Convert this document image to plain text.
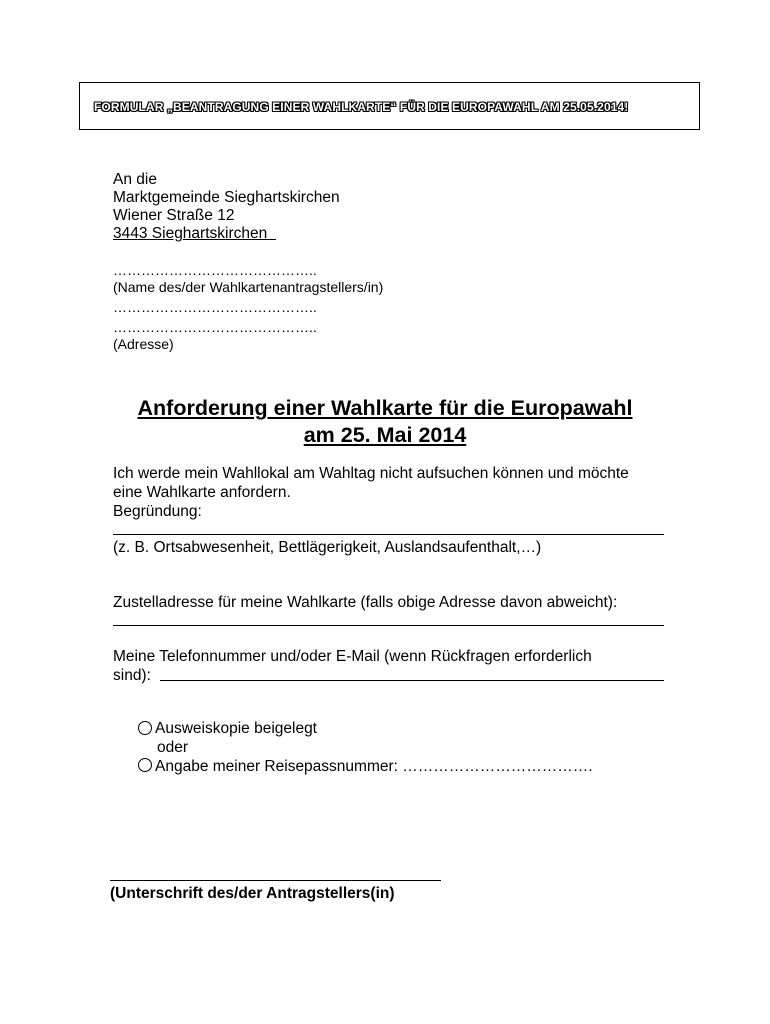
FORMULAR „BEANTRAGUNG EINER WAHLKARTE“ FÜR DIE EUROPAWAHL AM 25.05.2014!
An die
Marktgemeinde Sieghartskirchen
Wiener Straße 12
3443 Sieghartskirchen
……………………………………..
(Name des/der Wahlkartenantragstellers/in)
……………………………………..
……………………………………..
(Adresse)
Anforderung einer Wahlkarte für die Europawahl
am 25. Mai 2014
Ich werde mein Wahllokal am Wahltag nicht aufsuchen können und möchte
eine Wahlkarte anfordern.
Begründung:
(z. B. Ortsabwesenheit, Bettlägerigkeit, Auslandsaufenthalt,…)
Zustelladresse für meine Wahlkarte (falls obige Adresse davon abweicht):
Meine Telefonnummer und/oder E-Mail (wenn Rückfragen erforderlich
sind):
Ausweiskopie beigelegt
oder
Angabe meiner Reisepassnummer: ……………………………….
(Unterschrift des/der Antragstellers(in)
